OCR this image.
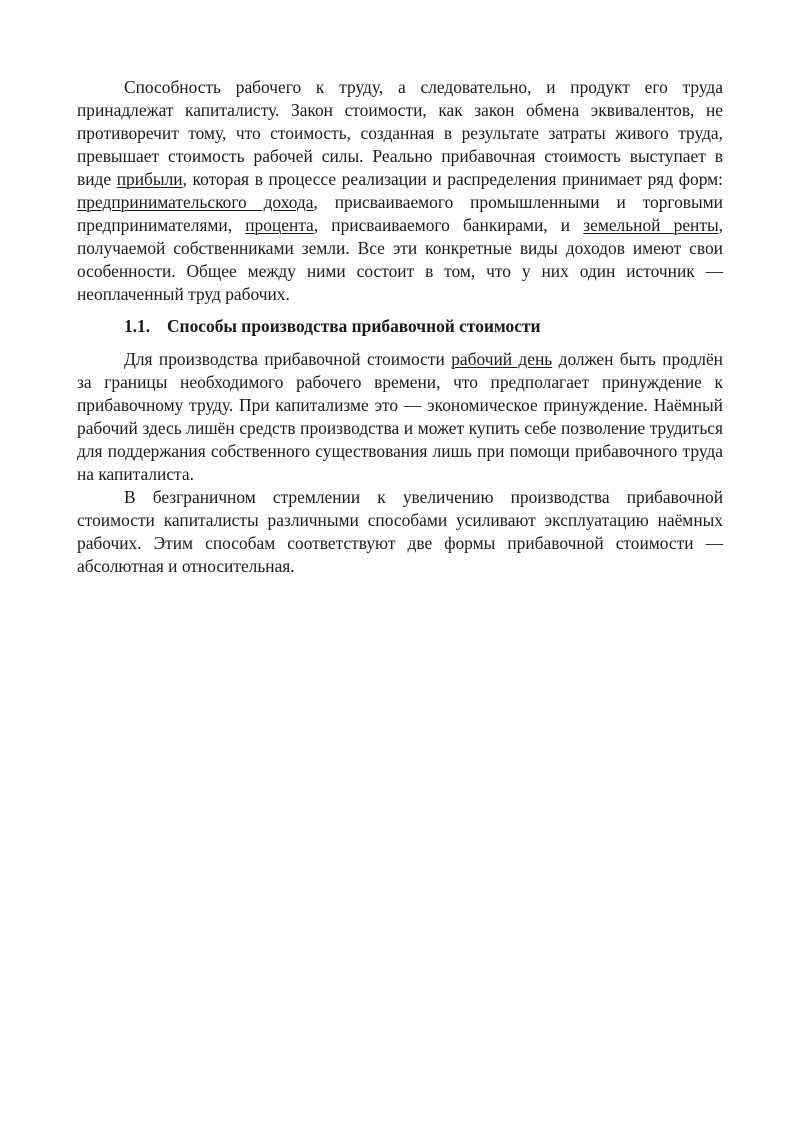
Способность рабочего к труду, а следовательно, и продукт его труда принадлежат капиталисту. Закон стоимости, как закон обмена эквивалентов, не противоречит тому, что стоимость, созданная в результате затраты живого труда, превышает стоимость рабочей силы. Реально прибавочная стоимость выступает в виде прибыли, которая в процессе реализации и распределения принимает ряд форм: предпринимательского дохода, присваиваемого промышленными и торговыми предпринимателями, процента, присваиваемого банкирами, и земельной ренты, получаемой собственниками земли. Все эти конкретные виды доходов имеют свои особенности. Общее между ними состоит в том, что у них один источник — неоплаченный труд рабочих.

1.1. Способы производства прибавочной стоимости

Для производства прибавочной стоимости рабочий день должен быть продлён за границы необходимого рабочего времени, что предполагает принуждение к прибавочному труду. При капитализме это — экономическое принуждение. Наёмный рабочий здесь лишён средств производства и может купить себе позволение трудиться для поддержания собственного существования лишь при помощи прибавочного труда на капиталиста.

В безграничном стремлении к увеличению производства прибавочной стоимости капиталисты различными способами усиливают эксплуатацию наёмных рабочих. Этим способам соответствуют две формы прибавочной стоимости — абсолютная и относительная.
